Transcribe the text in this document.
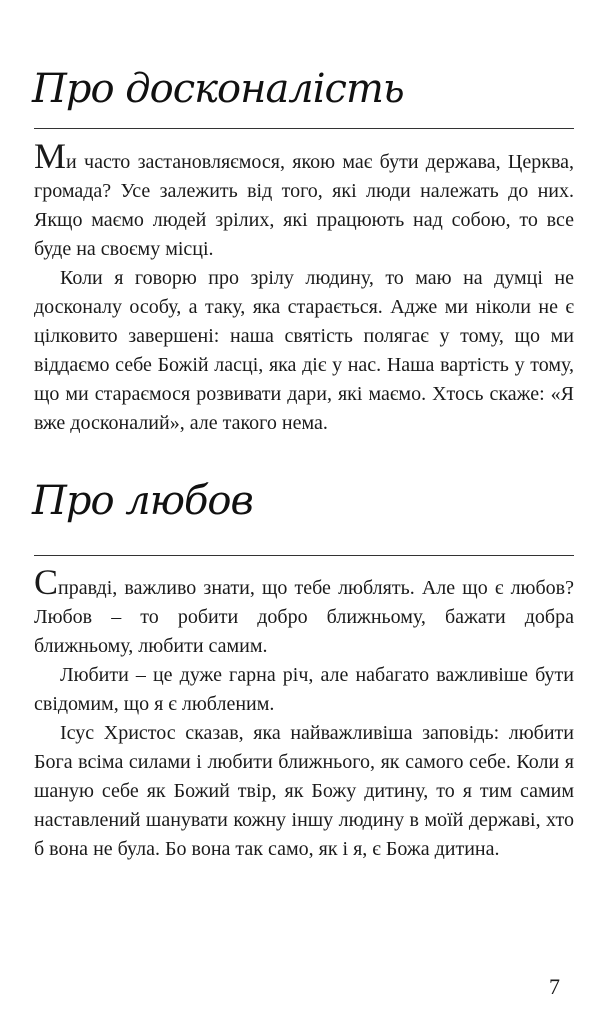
Про досконалість

Ми часто застановляємося, якою має бути держава, Церква, громада? Усе залежить від того, які люди належать до них. Якщо маємо людей зрілих, які працюють над собою, то все буде на своєму місці.

Коли я говорю про зрілу людину, то маю на думці не досконалу особу, а таку, яка старається. Адже ми ніколи не є цілковито завершені: наша святість полягає у тому, що ми віддаємо себе Божій ласці, яка діє у нас. Наша вартість у тому, що ми стараємося розвивати дари, які маємо. Хтось скаже: «Я вже досконалий», але такого нема.

Про любов

Справді, важливо знати, що тебе люблять. Але що є любов? Любов – то робити добро ближньому, бажати добра ближньому, любити самим.

Любити – це дуже гарна річ, але набагато важливіше бути свідомим, що я є любленим.

Ісус Христос сказав, яка найважливіша заповідь: любити Бога всіма силами і любити ближнього, як самого себе. Коли я шаную себе як Божий твір, як Божу дитину, то я тим самим наставлений шанувати кожну іншу людину в моїй державі, хто б вона не була. Бо вона так само, як і я, є Божа дитина.

7
